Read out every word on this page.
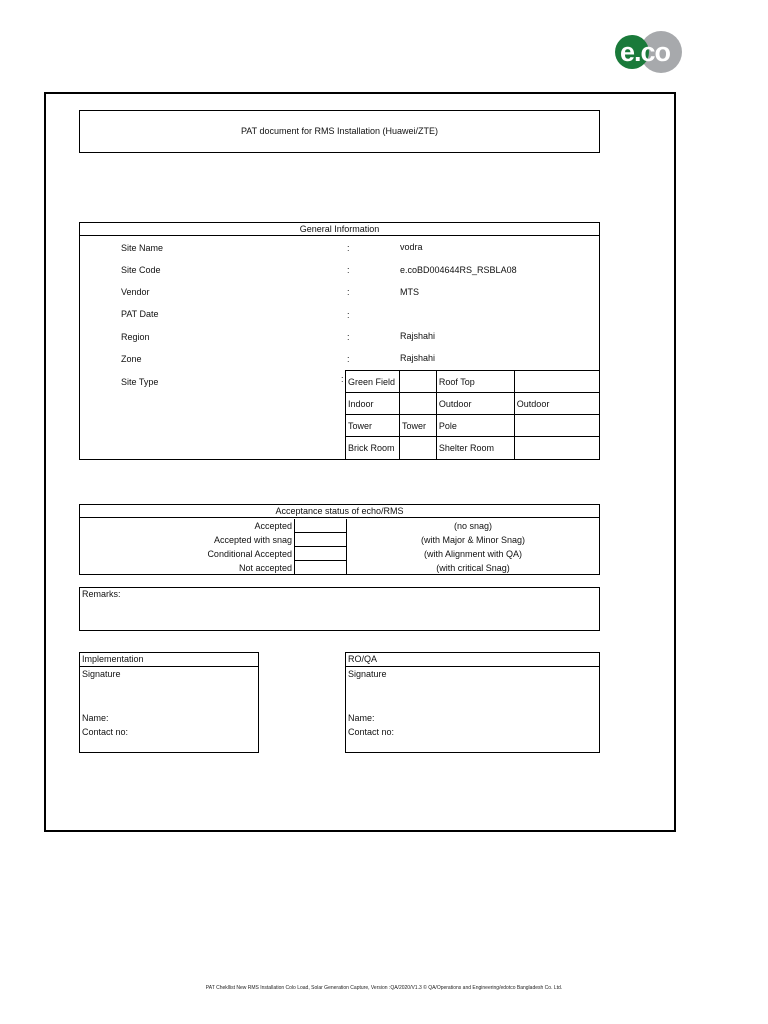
e.co
PAT document for RMS Installation (Huawei/ZTE)
General Information
Site Name	:	vodra
Site Code	:	e.coBD004644RS_RSBLA08
Vendor	:	MTS
PAT Date	:
Region	:	Rajshahi
Zone	:	Rajshahi
Site Type	: Green Field		Roof Top	
Indoor		Outdoor	Outdoor
Tower	Tower	Pole	
Brick Room		Shelter Room	
Acceptance status of echo/RMS
Accepted	(no snag)
Accepted with snag	(with Major & Minor Snag)
Conditional Accepted	(with Alignment with QA)
Not accepted	(with critical Snag)
Remarks:
Implementation
Signature
Name:
Contact no:
RO/QA
Signature
Name:
Contact no:
PAT Chekllist New RMS Installation Colo Load, Solar Generation Capture, Version :QA/2020/V1.3 © QA/Operations and Engineering/edotco Bangladesh Co. Ltd.
